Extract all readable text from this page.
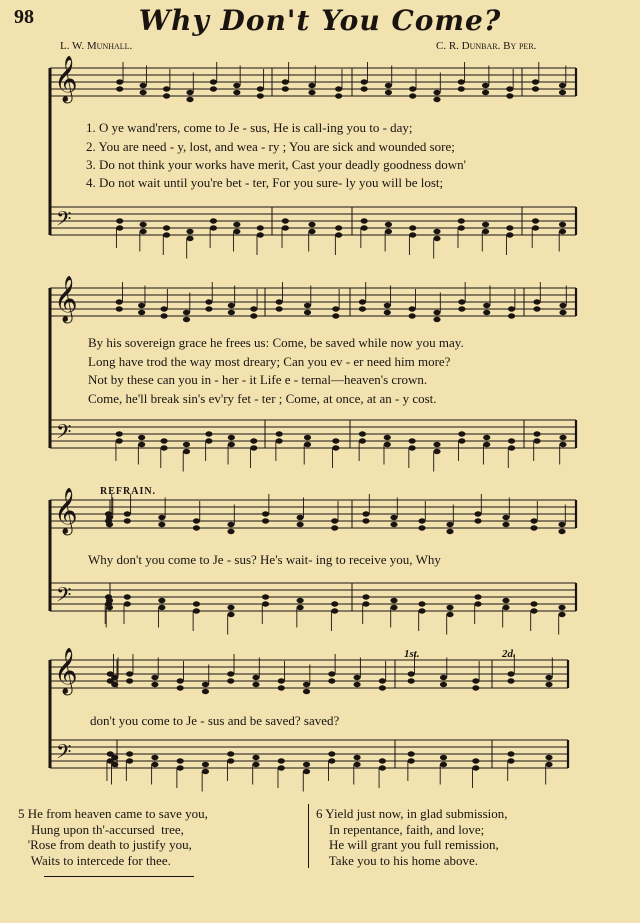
98	Why Don't You Come?
L. W. Munhall.	C. R. Dunbar. By per.
𝄞
𝄢
𝄞
𝄢
𝄞
𝄢
𝄞
𝄢
1. O ye wand'rers, come to Je - sus, He is call-ing you to - day;
2. You are need - y, lost, and wea - ry ; You are sick and wounded sore;
3. Do not think your works have merit, Cast your deadly goodness down'
4. Do not wait until you're bet - ter, For you sure- ly you will be lost;
By his sovereign grace he frees us: Come, be saved while now you may.
Long have trod the way most dreary; Can you ev - er need him more?
Not by these can you in - her - it Life e - ternal—heaven's crown.
Come, he'll break sin's ev'ry fet - ter ; Come, at once, at an - y cost.
REFRAIN.
Why don't you come to Je - sus? He's wait- ing to receive you, Why
don't you come to Je - sus and be saved? saved?
1st.	2d.
5 He from heaven came to save you,
Hung upon th'-accursed  tree,
'Rose from death to justify you,
Waits to intercede for thee.
6 Yield just now, in glad submission,
In repentance, faith, and love;
He will grant you full remission,
Take you to his home above.
